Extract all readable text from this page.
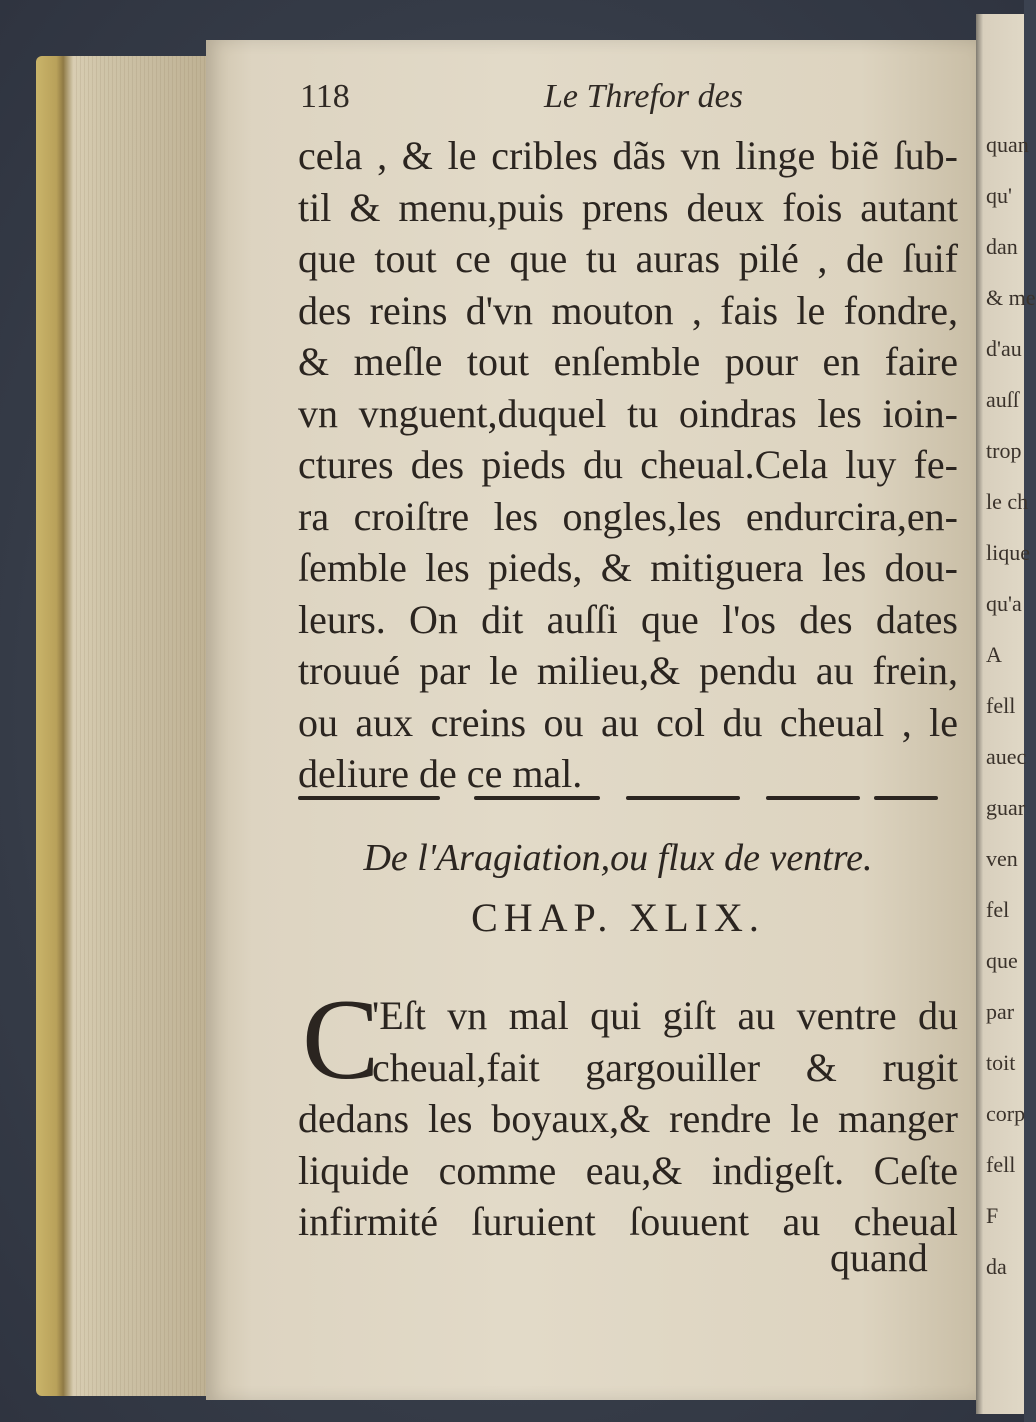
quan
qu'
dan
& me
d'au
auſſ
trop
le ch
lique
qu'a
A
fell
auec
guar
ven
fel
que
par
toit
corp
fell
F
da
118	Le Threfor des
cela , & le cribles dãs vn linge biẽ ſub-
til & menu,puis prens deux fois autant
que tout ce que tu auras pilé , de ſuif
des reins d'vn mouton , fais le fondre,
& meſle tout enſemble pour en faire
vn vnguent,duquel tu oindras les ioin-
ctures des pieds du cheual.Cela luy fe-
ra croiſtre les ongles,les endurcira,en-
ſemble les pieds, & mitiguera les dou-
leurs. On dit auſſi que l'os des dates
trouué par le milieu,& pendu au frein,
ou aux creins ou au col du cheual , le
deliure de ce mal.
De l'Aragiation,ou flux de ventre.
CHAP. XLIX.
C
'Eſt vn mal qui giſt au ventre du
cheual,fait gargouiller & rugit
dedans les boyaux,& rendre le manger
liquide comme eau,& indigeſt. Ceſte
infirmité ſuruient ſouuent au cheual
quand
